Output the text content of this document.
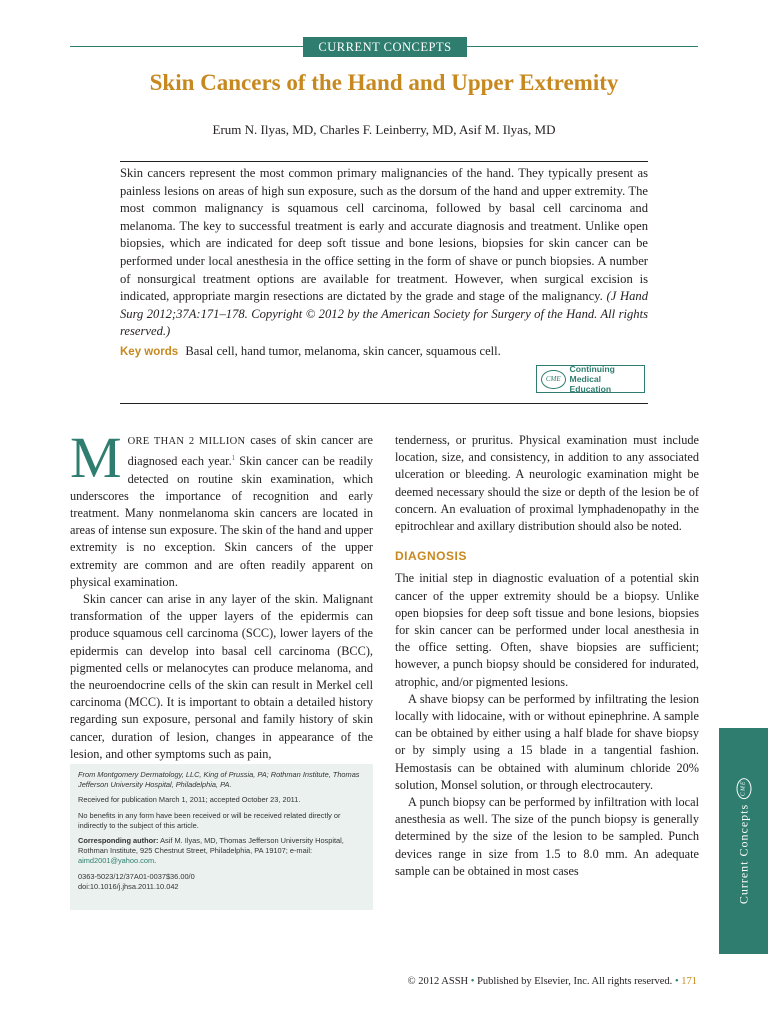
CURRENT CONCEPTS
Skin Cancers of the Hand and Upper Extremity
Erum N. Ilyas, MD, Charles F. Leinberry, MD, Asif M. Ilyas, MD
Skin cancers represent the most common primary malignancies of the hand. They typically present as painless lesions on areas of high sun exposure, such as the dorsum of the hand and upper extremity. The most common malignancy is squamous cell carcinoma, followed by basal cell carcinoma and melanoma. The key to successful treatment is early and accurate diagnosis and treatment. Unlike open biopsies, which are indicated for deep soft tissue and bone lesions, biopsies for skin cancer can be performed under local anesthesia in the office setting in the form of shave or punch biopsies. A number of nonsurgical treatment options are available for treatment. However, when surgical excision is indicated, appropriate margin resections are dictated by the grade and stage of the malignancy. (J Hand Surg 2012;37A:171–178. Copyright © 2012 by the American Society for Surgery of the Hand. All rights reserved.)
Key words Basal cell, hand tumor, melanoma, skin cancer, squamous cell.
CME
Continuing Medical
Education

MORE THAN 2 MILLION cases of skin cancer are diagnosed each year.$^1$ Skin cancer can be readily detected on routine skin examination, which underscores the importance of recognition and early treatment. Many nonmelanoma skin cancers are located in areas of intense sun exposure. The skin of the hand and upper extremity is no exception. Skin cancers of the upper extremity are common and are often readily apparent on physical examination.

Skin cancer can arise in any layer of the skin. Malignant transformation of the upper layers of the epidermis can produce squamous cell carcinoma (SCC), lower layers of the epidermis can develop into basal cell carcinoma (BCC), pigmented cells or melanocytes can produce melanoma, and the neuroendocrine cells of the skin can result in Merkel cell carcinoma (MCC). It is important to obtain a detailed history regarding sun exposure, personal and family history of skin cancer, duration of lesion, changes in appearance of the lesion, and other symptoms such as pain,

From Montgomery Dermatology, LLC, King of Prussia, PA; Rothman Institute, Thomas Jefferson University Hospital, Philadelphia, PA.

Received for publication March 1, 2011; accepted October 23, 2011.

No benefits in any form have been received or will be received related directly or indirectly to the subject of this article.

Corresponding author: Asif M. Ilyas, MD, Thomas Jefferson University Hospital, Rothman Institute, 925 Chestnut Street, Philadelphia, PA 19107; e-mail: aimd2001@yahoo.com.

0363-5023/12/37A01-0037$36.00/0
doi:10.1016/j.jhsa.2011.10.042

tenderness, or pruritus. Physical examination must include location, size, and consistency, in addition to any associated ulceration or bleeding. A neurologic examination might be deemed necessary should the size or depth of the lesion be of concern. An evaluation of proximal lymphadenopathy in the epitrochlear and axillary distribution should also be noted.

DIAGNOSIS

The initial step in diagnostic evaluation of a potential skin cancer of the upper extremity should be a biopsy. Unlike open biopsies for deep soft tissue and bone lesions, biopsies for skin cancer can be performed under local anesthesia in the office setting. Often, shave biopsies are sufficient; however, a punch biopsy should be considered for indurated, atrophic, and/or pigmented lesions.

A shave biopsy can be performed by infiltrating the lesion locally with lidocaine, with or without epinephrine. A sample can be obtained by either using a half blade for shave biopsy or by simply using a 15 blade in a tangential fashion. Hemostasis can be obtained with aluminum chloride 20% solution, Monsel solution, or through electrocautery.

A punch biopsy can be performed by infiltration with local anesthesia as well. The size of the punch biopsy is generally determined by the size of the lesion to be sampled. Punch devices range in size from 1.5 to 8.0 mm. An adequate sample can be obtained in most cases	Current Concepts
CME
© 2012 ASSH • Published by Elsevier, Inc. All rights reserved. • 171
